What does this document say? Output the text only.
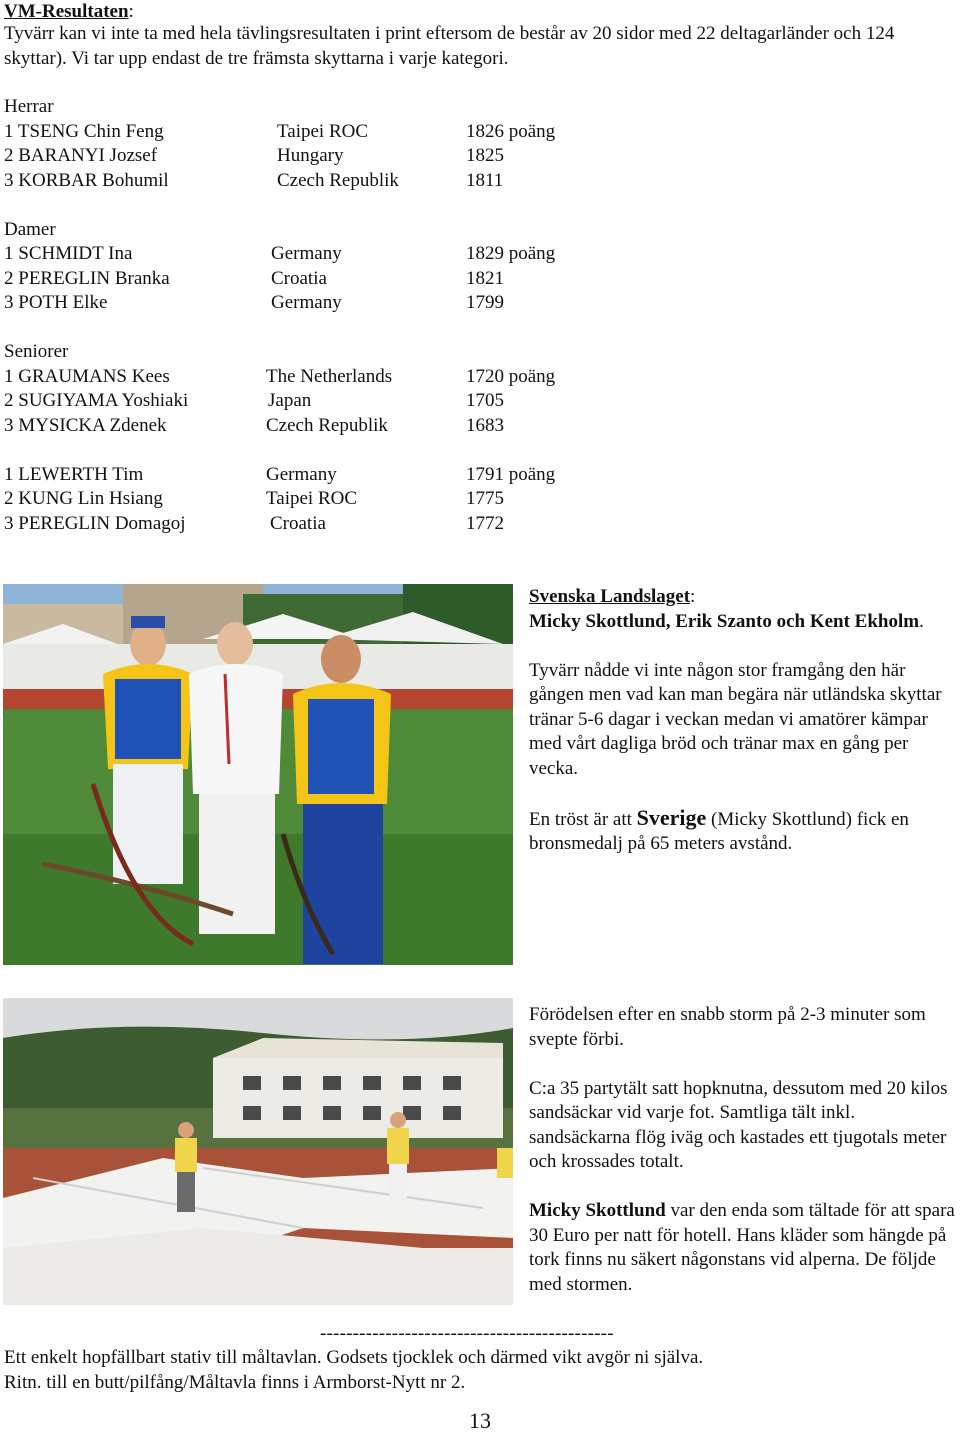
VM-Resultaten:
Tyvärr kan vi inte ta med hela tävlingsresultaten i print eftersom de består av 20 sidor med 22 deltagarländer och 124 skyttar). Vi tar upp endast de tre främsta skyttarna i varje kategori.
Herrar
1 TSENG Chin Feng	Taipei ROC	1826 poäng
2 BARANYI Jozsef	Hungary	1825
3 KORBAR Bohumil	Czech Republik	1811
Damer
1 SCHMIDT Ina	Germany	1829 poäng
2 PEREGLIN Branka	Croatia	1821
3 POTH Elke	Germany	1799
Seniorer
1 GRAUMANS Kees	The Netherlands	1720 poäng
2 SUGIYAMA Yoshiaki	Japan	1705
3 MYSICKA Zdenek	Czech Republik	1683
1 LEWERTH Tim	Germany	1791 poäng
2 KUNG Lin Hsiang	Taipei ROC	1775
3 PEREGLIN Domagoj	Croatia	1772

Svenska Landslaget:
Micky Skottlund, Erik Szanto och Kent Ekholm.

Tyvärr nådde vi inte någon stor framgång den här gången men vad kan man begära när utländska skyttar tränar 5-6 dagar i veckan medan vi amatörer kämpar med vårt dagliga bröd och tränar max en gång per vecka.

En tröst är att Sverige (Micky Skottlund) fick en bronsmedalj på 65 meters avstånd.

Förödelsen efter en snabb storm på 2-3 minuter som svepte förbi.

C:a 35 partytält satt hopknutna, dessutom med 20 kilos sandsäckar vid varje fot. Samtliga tält inkl. sandsäckarna flög iväg och kastades ett tjugotals meter och krossades totalt.

Micky Skottlund var den enda som tältade för att spara 30 Euro per natt för hotell. Hans kläder som hängde på tork finns nu säkert någonstans vid alperna. De följde med stormen.

---------------------------------------------
Ett enkelt hopfällbart stativ till måltavlan. Godsets tjocklek och därmed vikt avgör ni själva.
Ritn. till en butt/pilfång/Måltavla finns i Armborst-Nytt nr 2.
13
